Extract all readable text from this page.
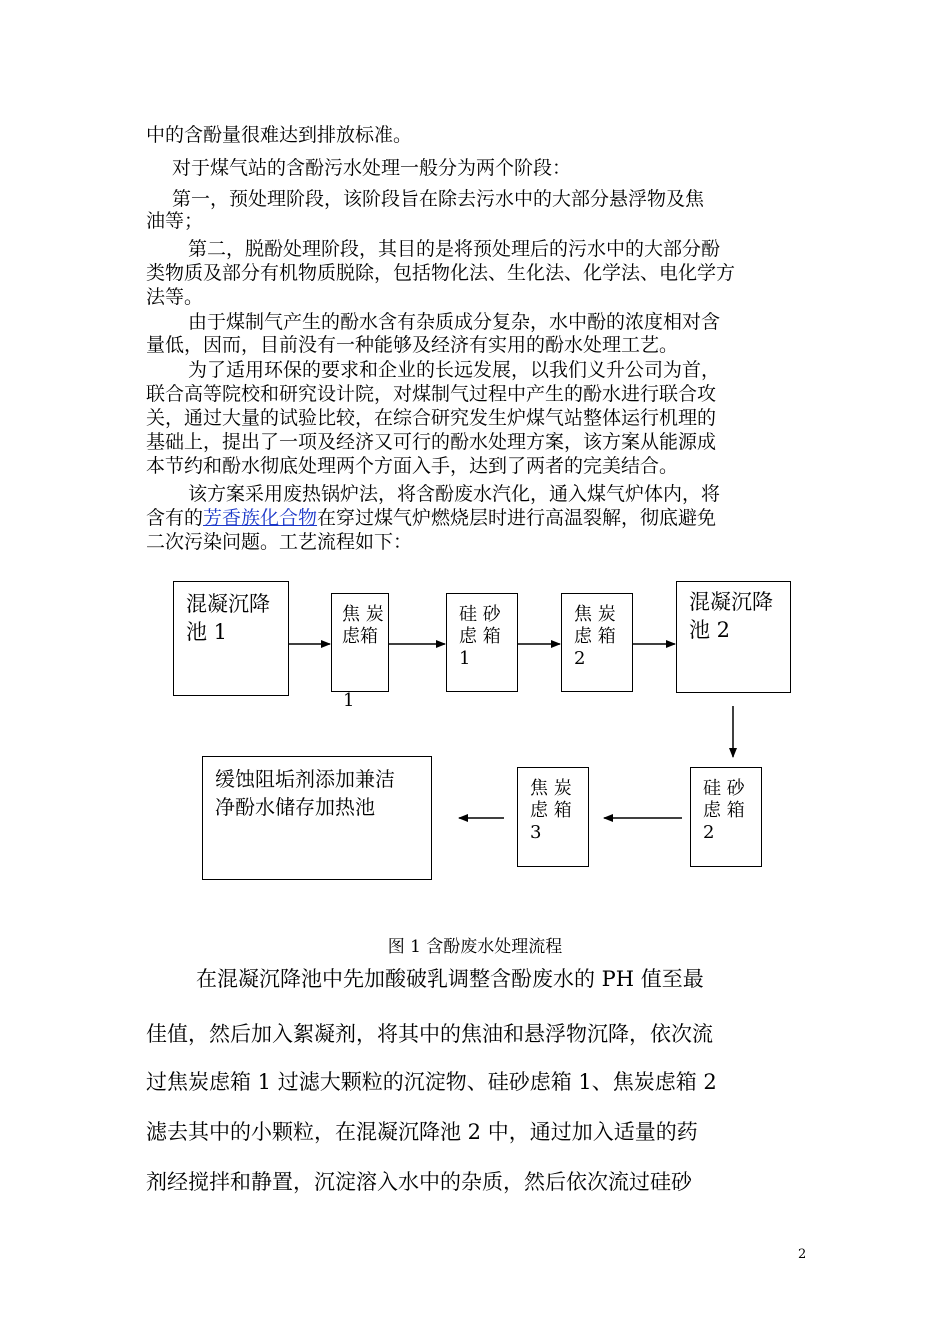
中的含酚量很难达到排放标准。

对于煤气站的含酚污水处理一般分为两个阶段：

第一，预处理阶段，该阶段旨在除去污水中的大部分悬浮物及焦

油等；

第二，脱酚处理阶段，其目的是将预处理后的污水中的大部分酚

类物质及部分有机物质脱除，包括物化法、生化法、化学法、电化学方

法等。

由于煤制气产生的酚水含有杂质成分复杂，水中酚的浓度相对含

量低，因而，目前没有一种能够及经济有实用的酚水处理工艺。

为了适用环保的要求和企业的长远发展，以我们义升公司为首，

联合高等院校和研究设计院，对煤制气过程中产生的酚水进行联合攻

关，通过大量的试验比较，在综合研究发生炉煤气站整体运行机理的

基础上，提出了一项及经济又可行的酚水处理方案，该方案从能源成

本节约和酚水彻底处理两个方面入手，达到了两者的完美结合。

该方案采用废热锅炉法，将含酚废水汽化，通入煤气炉体内，将

含有的芳香族化合物在穿过煤气炉燃烧层时进行高温裂解，彻底避免

二次污染问题。工艺流程如下：

混凝沉降
池 1
焦 炭
虑箱
1
硅 砂
虑 箱
1
焦 炭
虑 箱
2
混凝沉降
池 2
硅 砂
虑 箱
2
焦 炭
虑 箱
3
缓蚀阻垢剂添加兼洁
净酚水储存加热池
图 1 含酚废水处理流程

在混凝沉降池中先加酸破乳调整含酚废水的 PH 值至最

佳值，然后加入絮凝剂，将其中的焦油和悬浮物沉降，依次流

过焦炭虑箱 1 过滤大颗粒的沉淀物、硅砂虑箱 1、焦炭虑箱 2

滤去其中的小颗粒，在混凝沉降池 2 中，通过加入适量的药

剂经搅拌和静置，沉淀溶入水中的杂质，然后依次流过硅砂

2
